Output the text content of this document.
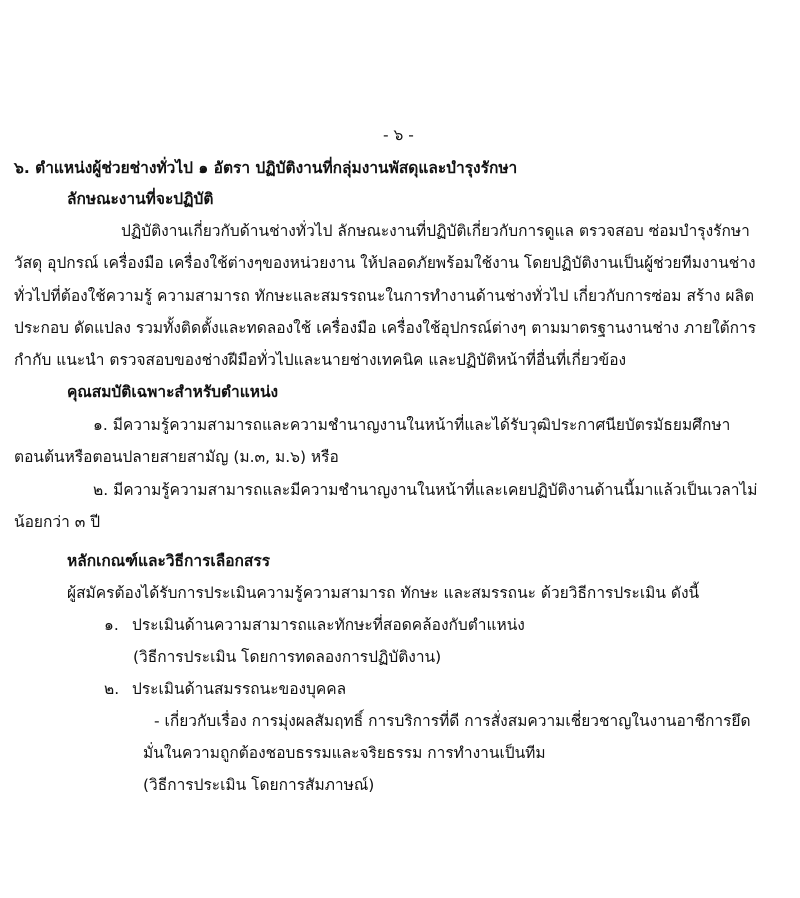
- ๖ -
๖. ตำแหน่งผู้ช่วยช่างทั่วไป ๑ อัตรา ปฏิบัติงานที่กลุ่มงานพัสดุและบำรุงรักษา
ลักษณะงานที่จะปฏิบัติ
ปฏิบัติงานเกี่ยวกับด้านช่างทั่วไป ลักษณะงานที่ปฏิบัติเกี่ยวกับการดูแล ตรวจสอบ ซ่อมบำรุงรักษา
วัสดุ อุปกรณ์ เครื่องมือ เครื่องใช้ต่างๆของหน่วยงาน ให้ปลอดภัยพร้อมใช้งาน โดยปฏิบัติงานเป็นผู้ช่วยทีมงานช่าง
ทั่วไปที่ต้องใช้ความรู้ ความสามารถ ทักษะและสมรรถนะในการทำงานด้านช่างทั่วไป เกี่ยวกับการซ่อม สร้าง ผลิต
ประกอบ ดัดแปลง รวมทั้งติดตั้งและทดลองใช้ เครื่องมือ เครื่องใช้อุปกรณ์ต่างๆ ตามมาตรฐานงานช่าง ภายใต้การ
กำกับ แนะนำ ตรวจสอบของช่างฝีมือทั่วไปและนายช่างเทคนิค และปฏิบัติหน้าที่อื่นที่เกี่ยวข้อง
คุณสมบัติเฉพาะสำหรับตำแหน่ง
๑. มีความรู้ความสามารถและความชำนาญงานในหน้าที่และได้รับวุฒิประกาศนียบัตรมัธยมศึกษา
ตอนต้นหรือตอนปลายสายสามัญ (ม.๓, ม.๖) หรือ
๒. มีความรู้ความสามารถและมีความชำนาญงานในหน้าที่และเคยปฏิบัติงานด้านนี้มาแล้วเป็นเวลาไม่
น้อยกว่า ๓ ปี
หลักเกณฑ์และวิธีการเลือกสรร
ผู้สมัครต้องได้รับการประเมินความรู้ความสามารถ ทักษะ และสมรรถนะ ด้วยวิธีการประเมิน ดังนี้
๑. ประเมินด้านความสามารถและทักษะที่สอดคล้องกับตำแหน่ง
(วิธีการประเมิน โดยการทดลองการปฏิบัติงาน)
๒. ประเมินด้านสมรรถนะของบุคคล
- เกี่ยวกับเรื่อง การมุ่งผลสัมฤทธิ์ การบริการที่ดี การสั่งสมความเชี่ยวชาญในงานอาชีการยึด
มั่นในความถูกต้องชอบธรรมและจริยธรรม การทำงานเป็นทีม
(วิธีการประเมิน โดยการสัมภาษณ์)
